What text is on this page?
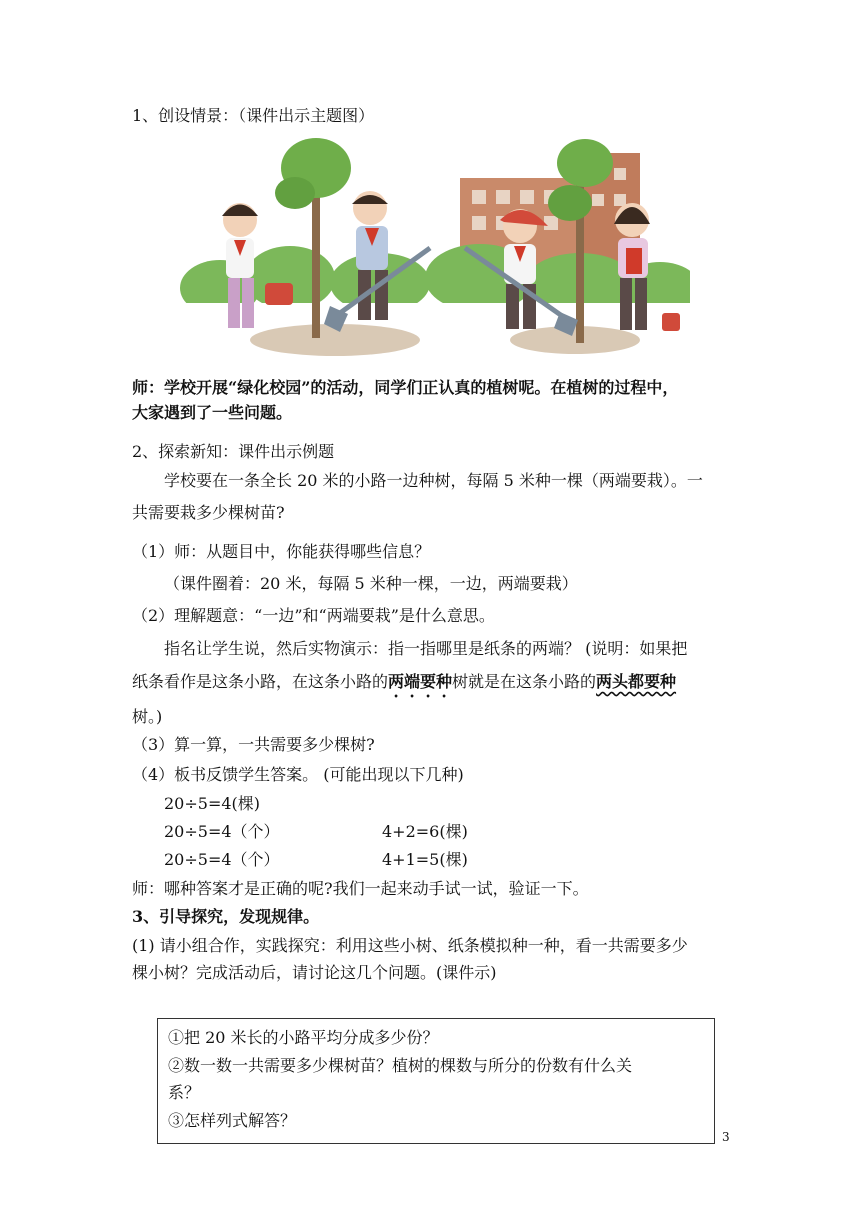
1、创设情景：（课件出示主题图）
师：学校开展“绿化校园”的活动，同学们正认真的植树呢。在植树的过程中，
大家遇到了一些问题。
2、探索新知：课件出示例题
学校要在一条全长 20 米的小路一边种树，每隔 5 米种一棵（两端要栽）。一
共需要栽多少棵树苗?
（1）师：从题目中，你能获得哪些信息？
（课件圈着：20 米，每隔 5 米种一棵，一边，两端要栽）
（2）理解题意：“一边”和“两端要栽”是什么意思。
指名让学生说，然后实物演示：指一指哪里是纸条的两端？ (说明：如果把
纸条看作是这条小路，在这条小路的两端要种树就是在这条小路的两头都要种
树。)
（3）算一算，一共需要多少棵树?
（4）板书反馈学生答案。 (可能出现以下几种)
20÷5=4(棵)
20÷5=4（个）	4+2=6(棵)
20÷5=4（个）	4+1=5(棵)
师：哪种答案才是正确的呢?我们一起来动手试一试，验证一下。
3、引导探究，发现规律。
(1) 请小组合作，实践探究：利用这些小树、纸条模拟种一种，看一共需要多少
棵小树？完成活动后，请讨论这几个问题。(课件示)
①把 20 米长的小路平均分成多少份？
②数一数一共需要多少棵树苗？植树的棵数与所分的份数有什么关
系？
③怎样列式解答？
3
